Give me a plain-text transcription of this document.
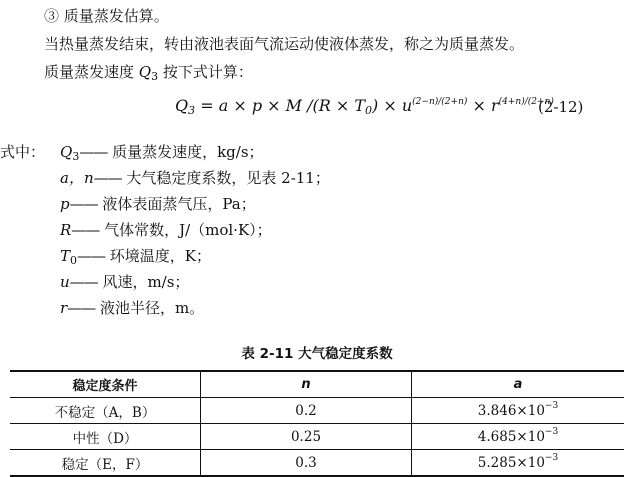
③ 质量蒸发估算。
当热量蒸发结束，转由液池表面气流运动使液体蒸发，称之为质量蒸发。
质量蒸发速度 $Q_3$ 按下式计算：
$Q_3 = a \times p \times M$ $/(R \times T_0) \times u^{(2-n)/(2+n)} \times r^{(4+n)/(2+n)}$
(2-12)
式中： $Q_3——$ 质量蒸发速度，kg/s；
a，n—— 大气稳定度系数，见表 2-11；
p—— 液体表面蒸气压，Pa；
R—— 气体常数，J/（mol·K）；
$T_0——$ 环境温度，K；
u—— 风速，m/s；
r—— 液池半径，m。
表 2-11 大气稳定度系数
稳定度条件	n	a
不稳定（A，B）	0.2	$3.846\times 10^{-3}$
中性（D）	0.25	$4.685\times 10^{-3}$
稳定（E，F）	0.3	$5.285\times 10^{-3}$
